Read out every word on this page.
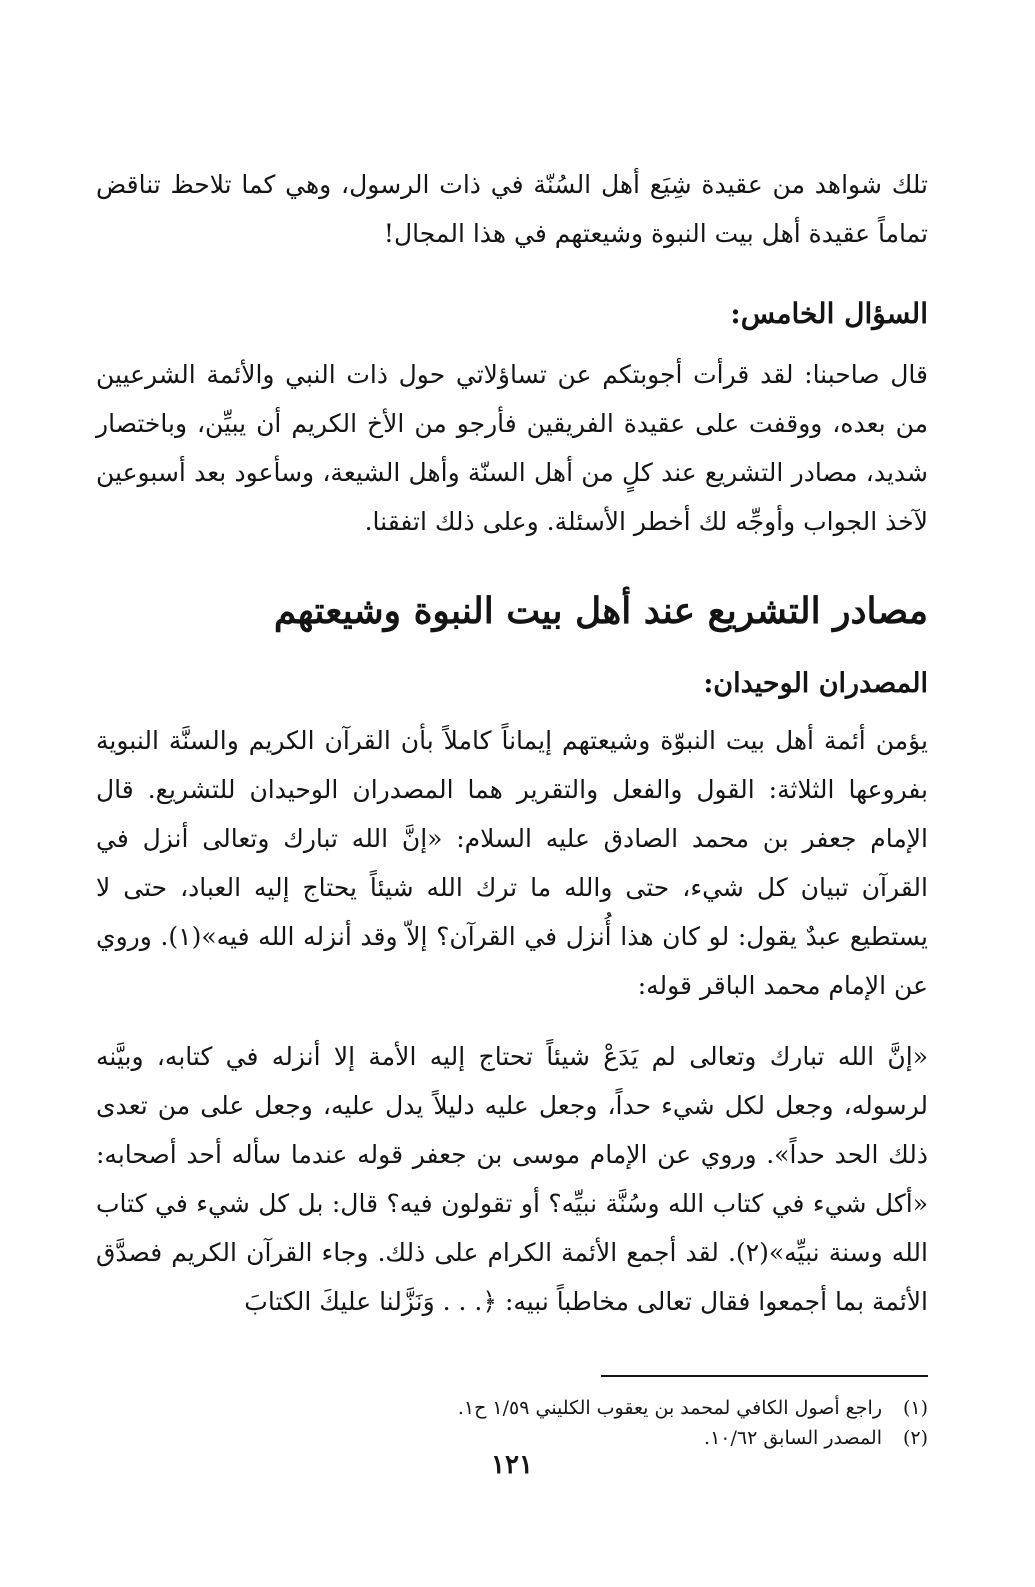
تلك شواهد من عقيدة شِيَع أهل السُنّة في ذات الرسول، وهي كما تلاحظ تناقض تماماً عقيدة أهل بيت النبوة وشيعتهم في هذا المجال!

السؤال الخامس:

قال صاحبنا: لقد قرأت أجوبتكم عن تساؤلاتي حول ذات النبي والأئمة الشرعيين من بعده، ووقفت على عقيدة الفريقين فأرجو من الأخ الكريم أن يبيِّن، وباختصار شديد، مصادر التشريع عند كلٍ من أهل السنّة وأهل الشيعة، وسأعود بعد أسبوعين لآخذ الجواب وأوجِّه لك أخطر الأسئلة. وعلى ذلك اتفقنا.

مصادر التشريع عند أهل بيت النبوة وشيعتهم
المصدران الوحيدان:

يؤمن أئمة أهل بيت النبوّة وشيعتهم إيماناً كاملاً بأن القرآن الكريم والسنَّة النبوية بفروعها الثلاثة: القول والفعل والتقرير هما المصدران الوحيدان للتشريع. قال الإمام جعفر بن محمد الصادق عليه السلام: «إنَّ الله تبارك وتعالى أنزل في القرآن تبيان كل شيء، حتى والله ما ترك الله شيئاً يحتاج إليه العباد، حتى لا يستطيع عبدٌ يقول: لو كان هذا أُنزل في القرآن؟ إلاّ وقد أنزله الله فيه»(١). وروي عن الإمام محمد الباقر قوله:

«إنَّ الله تبارك وتعالى لم يَدَعْ شيئاً تحتاج إليه الأمة إلا أنزله في كتابه، وبيَّنه لرسوله، وجعل لكل شيء حداً، وجعل عليه دليلاً يدل عليه، وجعل على من تعدى ذلك الحد حداً». وروي عن الإمام موسى بن جعفر قوله عندما سأله أحد أصحابه: «أكل شيء في كتاب الله وسُنَّة نبيِّه؟ أو تقولون فيه؟ قال: بل كل شيء في كتاب الله وسنة نبيِّه»(٢). لقد أجمع الأئمة الكرام على ذلك. وجاء القرآن الكريم فصدَّق الأئمة بما أجمعوا فقال تعالى مخاطباً نبيه: ﴿. . . وَنَزَّلنا عليكَ الكتابَ

(١)راجع أصول الكافي لمحمد بن يعقوب الكليني ١/٥٩ ح١.
(٢)المصدر السابق ١٠/٦٢.
١٢١
